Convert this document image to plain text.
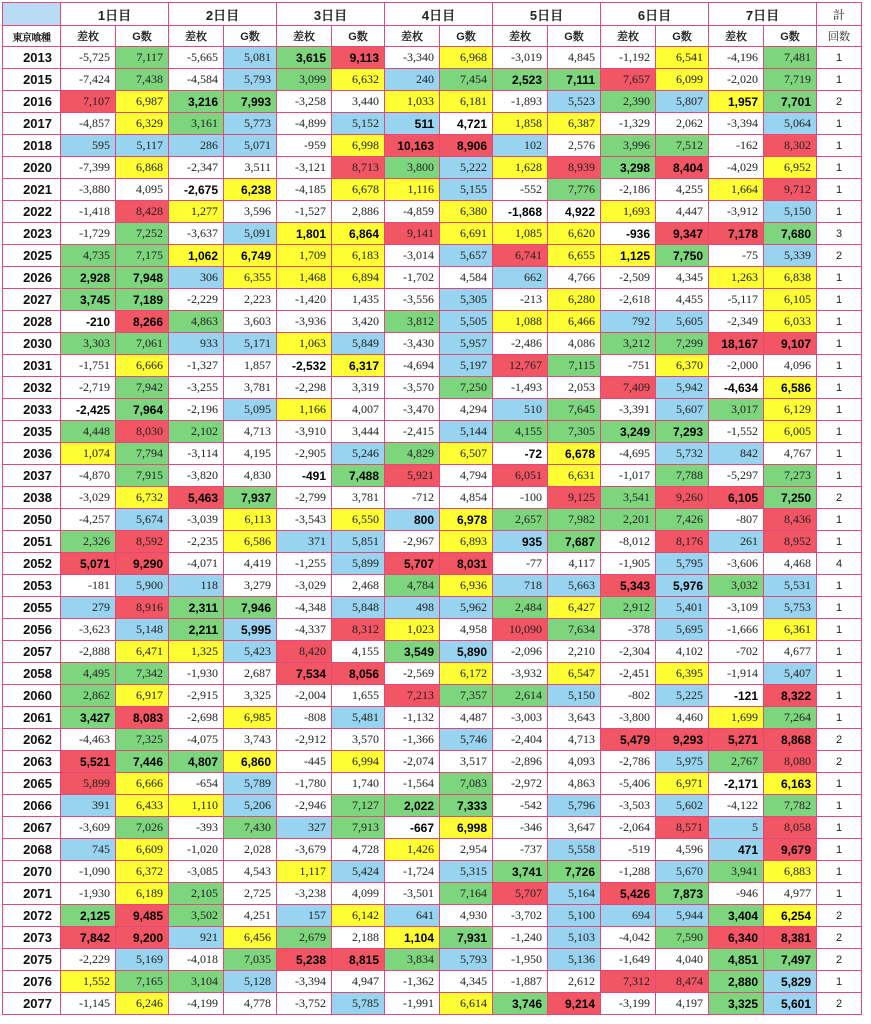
	1日目		2日目		3日目		4日目		5日目		6日目		7日目		計
東京喰種	差枚	G数	差枚	G数	差枚	G数	差枚	G数	差枚	G数	差枚	G数	差枚	G数	回数
2013	-5,725	7,117	-5,665	5,081	3,615	9,113	-3,340	6,968	-3,019	4,845	-1,192	6,541	-4,196	7,481	1
2015	-7,424	7,438	-4,584	5,793	3,099	6,632	240	7,454	2,523	7,111	7,657	6,099	-2,020	7,719	1
2016	7,107	6,987	3,216	7,993	-3,258	3,440	1,033	6,181	-1,893	5,523	2,390	5,807	1,957	7,701	2
2017	-4,857	6,329	3,161	5,773	-4,899	5,152	511	4,721	1,858	6,387	-1,329	2,062	-3,394	5,064	1
2018	595	5,117	286	5,071	-959	6,998	10,163	8,906	102	2,576	3,996	7,512	-162	8,302	1
2020	-7,399	6,868	-2,347	3,511	-3,121	8,713	3,800	5,222	1,628	8,939	3,298	8,404	-4,029	6,952	1
2021	-3,880	4,095	-2,675	6,238	-4,185	6,678	1,116	5,155	-552	7,776	-2,186	4,255	1,664	9,712	1
2022	-1,418	8,428	1,277	3,596	-1,527	2,886	-4,859	6,380	-1,868	4,922	1,693	4,447	-3,912	5,150	1
2023	-1,729	7,252	-3,637	5,091	1,801	6,864	9,141	6,691	1,085	6,620	-936	9,347	7,178	7,680	3
2025	4,735	7,175	1,062	6,749	1,709	6,183	-3,014	5,657	6,741	6,655	1,125	7,750	-75	5,339	2
2026	2,928	7,948	306	6,355	1,468	6,894	-1,702	4,584	662	4,766	-2,509	4,345	1,263	6,838	1
2027	3,745	7,189	-2,229	2,223	-1,420	1,435	-3,556	5,305	-213	6,280	-2,618	4,455	-5,117	6,105	1
2028	-210	8,266	4,863	3,603	-3,936	3,420	3,812	5,505	1,088	6,466	792	5,605	-2,349	6,033	1
2030	3,303	7,061	933	5,171	1,063	5,849	-3,430	5,957	-2,486	4,086	3,212	7,299	18,167	9,107	1
2031	-1,751	6,666	-1,327	1,857	-2,532	6,317	-4,694	5,197	12,767	7,115	-751	6,370	-2,000	4,096	1
2032	-2,719	7,942	-3,255	3,781	-2,298	3,319	-3,570	7,250	-1,493	2,053	7,409	5,942	-4,634	6,586	1
2033	-2,425	7,964	-2,196	5,095	1,166	4,007	-3,470	4,294	510	7,645	-3,391	5,607	3,017	6,129	1
2035	4,448	8,030	2,102	4,713	-3,910	3,444	-2,415	5,144	4,155	7,305	3,249	7,293	-1,552	6,005	1
2036	1,074	7,794	-3,114	4,195	-2,905	5,246	4,829	6,507	-72	6,678	-4,695	5,732	842	4,767	1
2037	-4,870	7,915	-3,820	4,830	-491	7,488	5,921	4,794	6,051	6,631	-1,017	7,788	-5,297	7,273	1
2038	-3,029	6,732	5,463	7,937	-2,799	3,781	-712	4,854	-100	9,125	3,541	9,260	6,105	7,250	2
2050	-4,257	5,674	-3,039	6,113	-3,543	6,550	800	6,978	2,657	7,982	2,201	7,426	-807	8,436	1
2051	2,326	8,592	-2,235	6,586	371	5,851	-2,967	6,893	935	7,687	-8,012	8,176	261	8,952	1
2052	5,071	9,290	-4,071	4,419	-1,255	5,899	5,707	8,031	-77	4,117	-1,905	5,795	-3,606	4,468	4
2053	-181	5,900	118	3,279	-3,029	2,468	4,784	6,936	718	5,663	5,343	5,976	3,032	5,531	1
2055	279	8,916	2,311	7,946	-4,348	5,848	498	5,962	2,484	6,427	2,912	5,401	-3,109	5,753	1
2056	-3,623	5,148	2,211	5,995	-4,337	8,312	1,023	4,958	10,090	7,634	-378	5,695	-1,666	6,361	1
2057	-2,888	6,471	1,325	5,423	8,420	4,155	3,549	5,890	-2,096	2,210	-2,304	4,102	-702	4,677	1
2058	4,495	7,342	-1,930	2,687	7,534	8,056	-2,569	6,172	-3,932	6,547	-2,451	6,395	-1,914	5,407	1
2060	2,862	6,917	-2,915	3,325	-2,004	1,655	7,213	7,357	2,614	5,150	-802	5,225	-121	8,322	1
2061	3,427	8,083	-2,698	6,985	-808	5,481	-1,132	4,487	-3,003	3,643	-3,800	4,460	1,699	7,264	1
2062	-4,463	7,325	-4,075	3,743	-2,912	3,570	-1,366	5,746	-2,404	4,713	5,479	9,293	5,271	8,868	2
2063	5,521	7,446	4,807	6,860	-445	6,994	-2,074	3,517	-2,896	4,093	-2,786	5,975	2,767	8,080	2
2065	5,899	6,666	-654	5,789	-1,780	1,740	-1,564	7,083	-2,972	4,863	-5,406	6,971	-2,171	6,163	1
2066	391	6,433	1,110	5,206	-2,946	7,127	2,022	7,333	-542	5,796	-3,503	5,602	-4,122	7,782	1
2067	-3,609	7,026	-393	7,430	327	7,913	-667	6,998	-346	3,647	-2,064	8,571	5	8,058	1
2068	745	6,609	-1,020	2,028	-3,679	4,728	1,426	2,954	-737	5,558	-519	4,596	471	9,679	1
2070	-1,090	6,372	-3,085	4,543	1,117	5,424	-1,724	5,315	3,741	7,726	-1,288	5,670	3,941	6,883	1
2071	-1,930	6,189	2,105	2,725	-3,238	4,099	-3,501	7,164	5,707	5,164	5,426	7,873	-946	4,977	1
2072	2,125	9,485	3,502	4,251	157	6,142	641	4,930	-3,702	5,100	694	5,944	3,404	6,254	2
2073	7,842	9,200	921	6,456	2,679	2,188	1,104	7,931	-1,240	5,103	-4,042	7,590	6,340	8,381	2
2075	-2,229	5,169	-4,018	7,035	5,238	8,815	3,834	5,793	-1,950	5,136	-1,649	4,040	4,851	7,497	2
2076	1,552	7,165	3,104	5,128	-3,394	4,947	-1,362	4,345	-1,887	2,612	7,312	8,474	2,880	5,829	1
2077	-1,145	6,246	-4,199	4,778	-3,752	5,785	-1,991	6,614	3,746	9,214	-3,199	4,197	3,325	5,601	2
